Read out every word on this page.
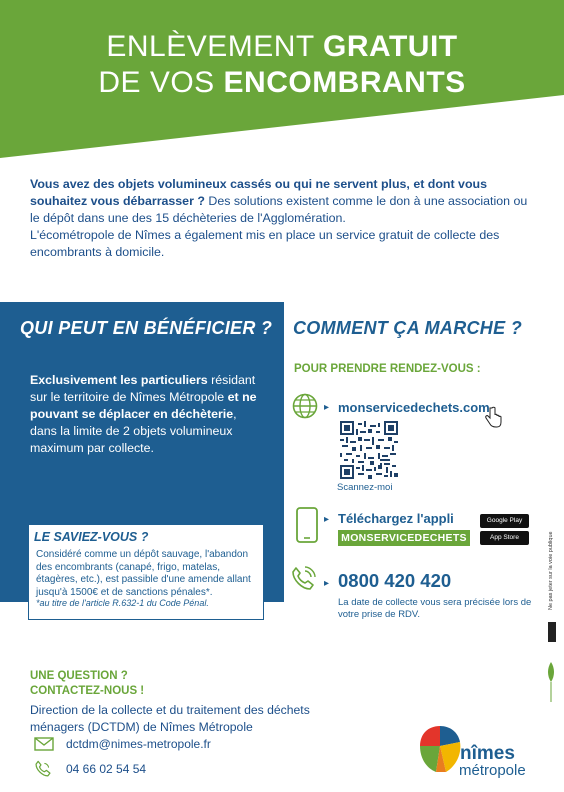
ENLÈVEMENT GRATUIT
DE VOS ENCOMBRANTS
Vous avez des objets volumineux cassés ou qui ne servent plus, et dont vous souhaitez vous débarrasser ? Des solutions existent comme le don à une association ou le dépôt dans une des 15 déchèteries de l'Agglomération.
L'écométropole de Nîmes a également mis en place un service gratuit de collecte des encombrants à domicile.
QUI PEUT EN BÉNÉFICIER ?
Exclusivement les particuliers résidant sur le territoire de Nîmes Métropole et ne pouvant se déplacer en déchèterie, dans la limite de 2 objets volumineux maximum par collecte.
LE SAVIEZ-VOUS ?
Considéré comme un dépôt sauvage, l'abandon des encombrants (canapé, frigo, matelas, étagères, etc.), est passible d'une amende allant jusqu'à 1500€ et de sanctions pénales*.
*au titre de l'article R.632-1 du Code Pénal.
COMMENT ÇA MARCHE ?
POUR PRENDRE RENDEZ-VOUS :
▸ monservicedechets.com
Scannez-moi
▸ Téléchargez l'appli
MONSERVICEDECHETS
Google Play
App Store
▸ 0800 420 420
La date de collecte vous sera précisée lors de votre prise de RDV.
Ne pas jeter sur la voie publique
UNE QUESTION ?
CONTACTEZ-NOUS !
Direction de la collecte et du traitement des déchets ménagers (DCTDM) de Nîmes Métropole
dctdm@nimes-metropole.fr
04 66 02 54 54
nîmes
métropole
